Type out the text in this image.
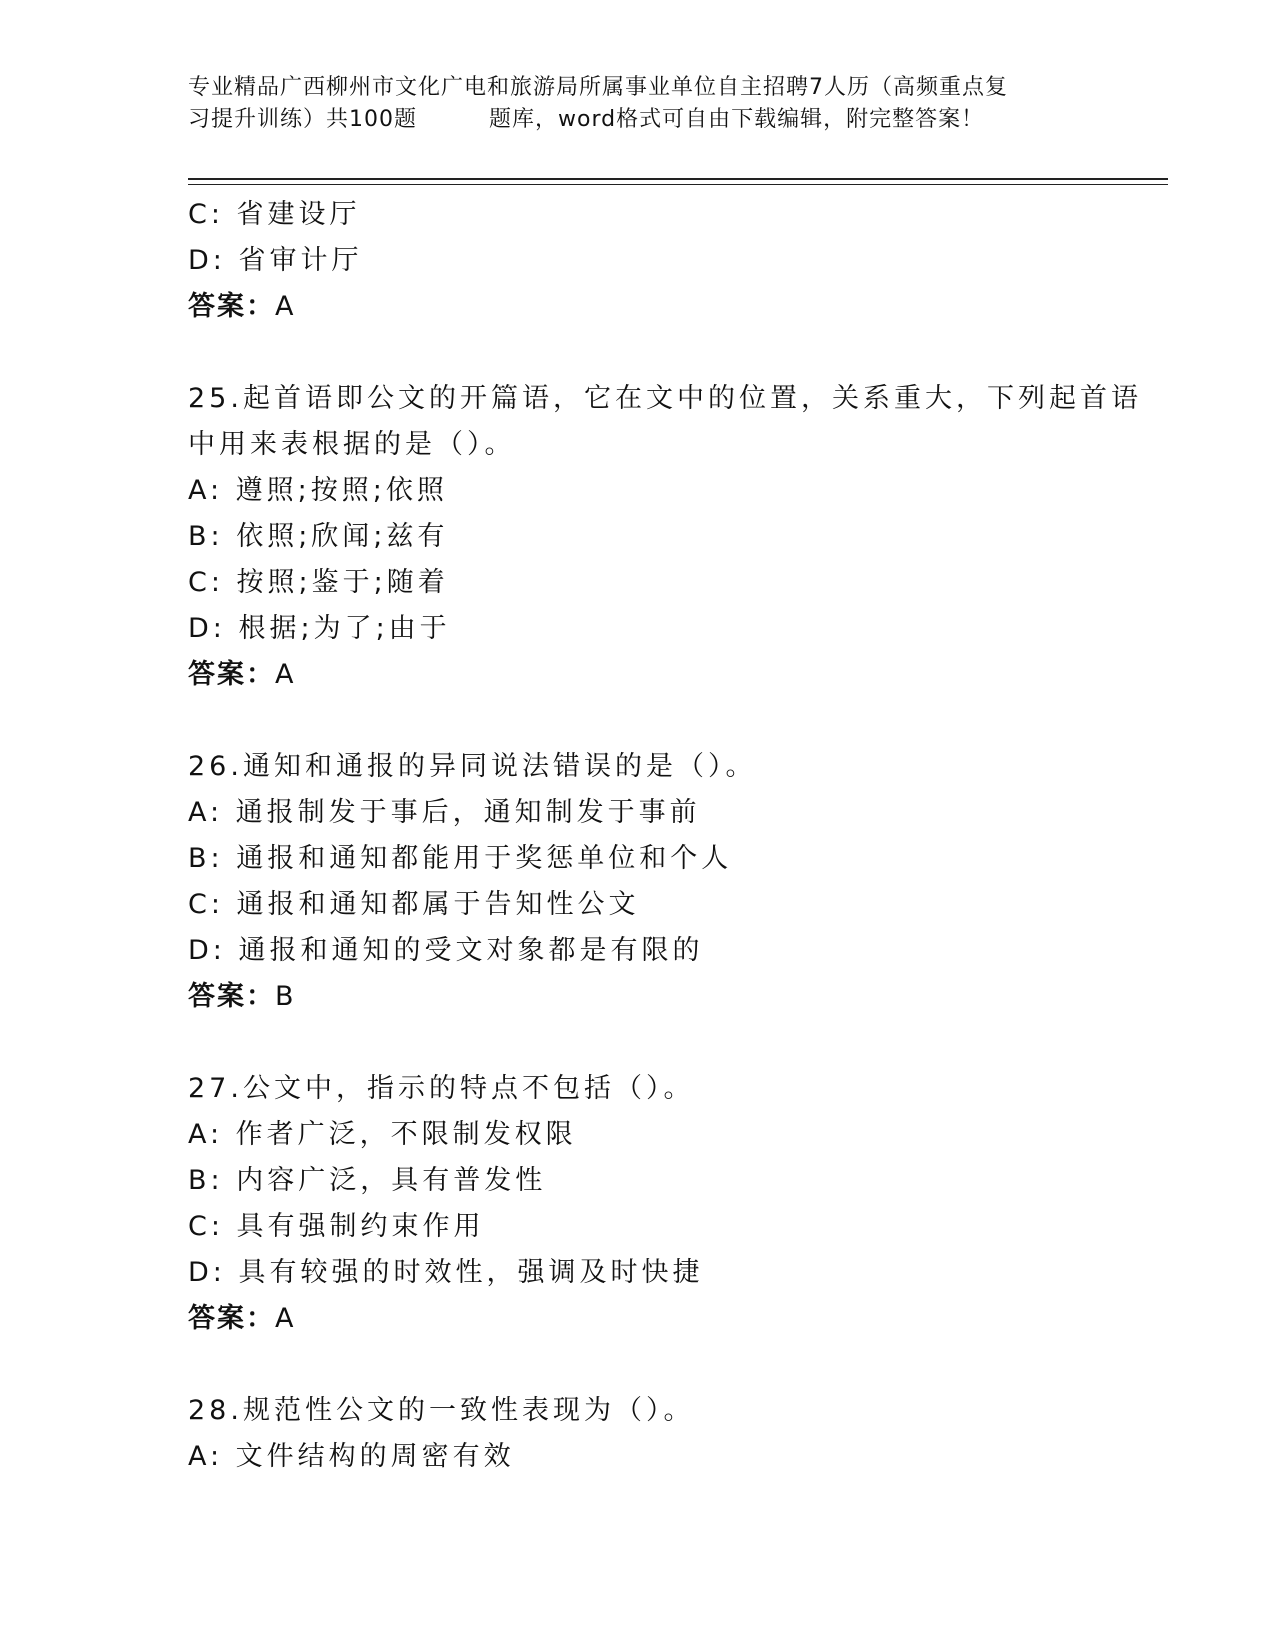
专业精品广西柳州市文化广电和旅游局所属事业单位自主招聘7人历（高频重点复
习提升训练）共100题	题库，word格式可自由下载编辑，附完整答案！
C: 省建设厅
D: 省审计厅
答案：A
25.起首语即公文的开篇语，它在文中的位置，关系重大，下列起首语
中用来表根据的是（）。
A: 遵照;按照;依照
B: 依照;欣闻;兹有
C: 按照;鉴于;随着
D: 根据;为了;由于
答案：A
26.通知和通报的异同说法错误的是（）。
A: 通报制发于事后，通知制发于事前
B: 通报和通知都能用于奖惩单位和个人
C: 通报和通知都属于告知性公文
D: 通报和通知的受文对象都是有限的
答案：B
27.公文中，指示的特点不包括（）。
A: 作者广泛，不限制发权限
B: 内容广泛，具有普发性
C: 具有强制约束作用
D: 具有较强的时效性，强调及时快捷
答案：A
28.规范性公文的一致性表现为（）。
A: 文件结构的周密有效
